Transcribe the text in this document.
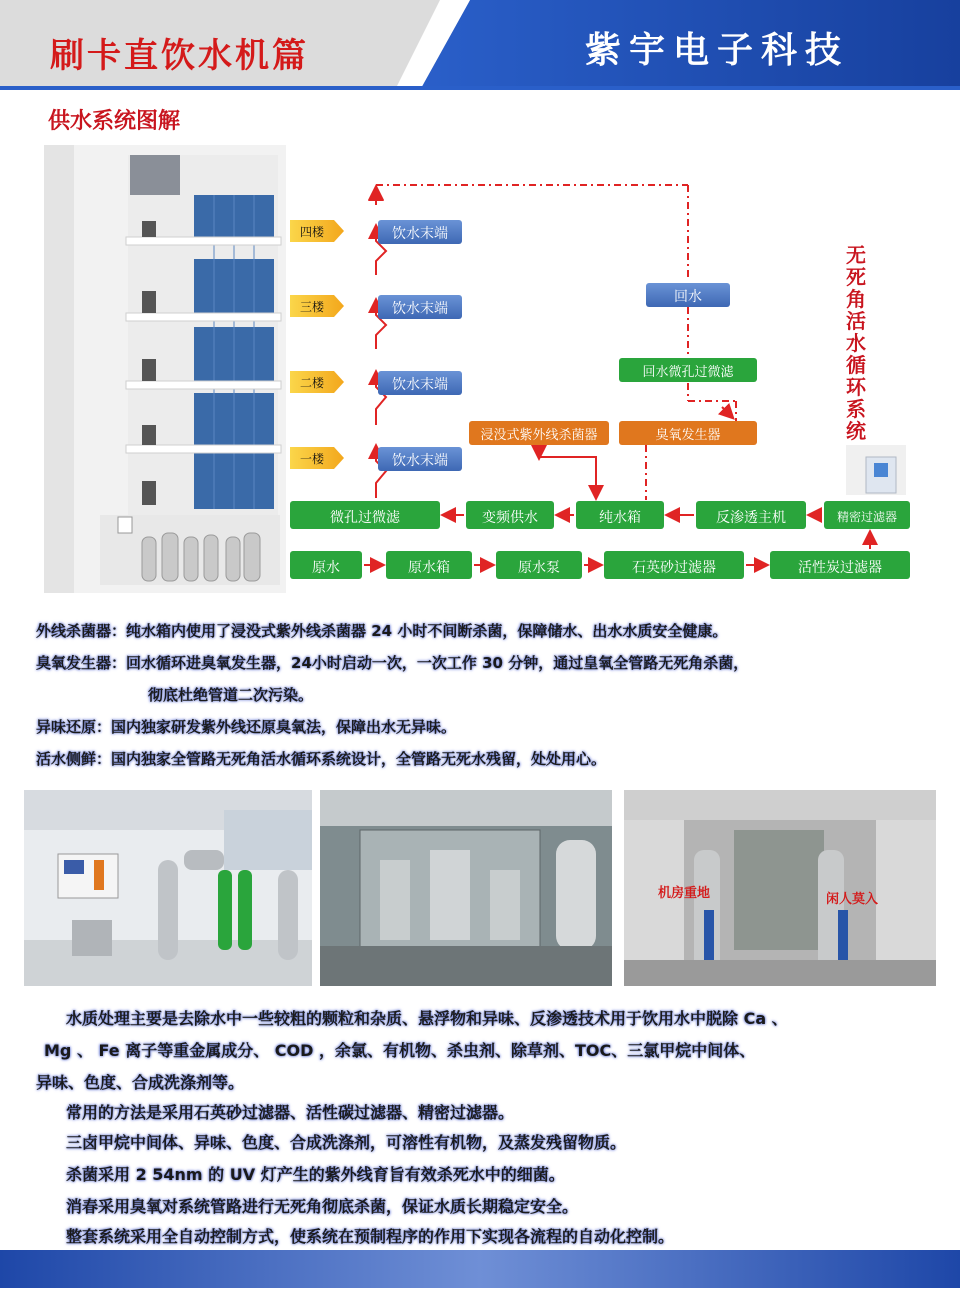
刷卡直饮水机篇	紫宇电子科技
供水系统图解
四楼
三楼
二楼
一楼
饮水末端
饮水末端
饮水末端
饮水末端
回水
回水微孔过微滤
浸没式紫外线杀菌器	臭氧发生器
微孔过微滤	变频供水	纯水箱	反渗透主机	精密过滤器
原水	原水箱	原水泵	石英砂过滤器	活性炭过滤器
无死角活水循环系统
外线杀菌器：纯水箱内使用了浸没式紫外线杀菌器 24 小时不间断杀菌，保障储水、出水水质安全健康。
臭氧发生器：回水循环进臭氧发生器，24小时启动一次，一次工作 30 分钟，通过皇氧全管路无死角杀菌，
彻底杜绝管道二次污染。
异味还原：国内独家研发紫外线还原臭氧法，保障出水无异味。
活水侧鲜：国内独家全管路无死角活水循环系统设计，全管路无死水残留，处处用心。
机房重地	闲人莫入
水质处理主要是去除水中一些较粗的颗粒和杂质、悬浮物和异味、反渗透技术用于饮用水中脱除 Ca 、
Mg 、 Fe 离子等重金属成分、 COD ，余氯、有机物、杀虫剂、除草剂、TOC、三氯甲烷中间体、
异味、色度、合成洗涤剂等。
常用的方法是采用石英砂过滤器、活性碳过滤器、精密过滤器。
三卤甲烷中间体、异味、色度、合成洗涤剂，可溶性有机物，及蒸发残留物质。
杀菌采用 2 54nm 的 UV 灯产生的紫外线育旨有效杀死水中的细菌。
消春采用臭氧对系统管路进行无死角彻底杀菌，保证水质长期稳定安全。
整套系统采用全自动控制方式，使系统在预制程序的作用下实现各流程的自动化控制。
